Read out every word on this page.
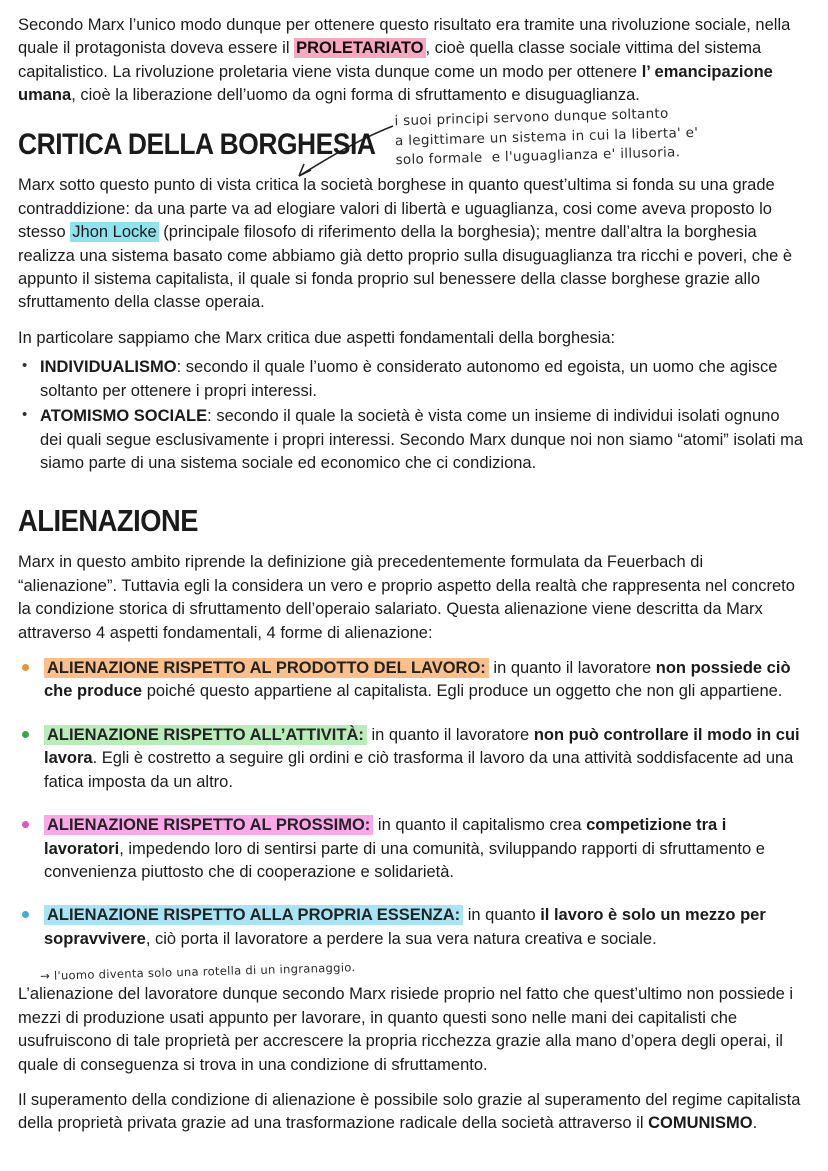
Secondo Marx l’unico modo dunque per ottenere questo risultato era tramite una rivoluzione sociale, nella quale il protagonista doveva essere il PROLETARIATO , cioè quella classe sociale vittima del sistema capitalistico. La rivoluzione proletaria viene vista dunque come un modo per ottenere l’ emancipazione umana, cioè la liberazione dell’uomo da ogni forma di sfruttamento e disuguaglianza.

i suoi principi servono dunque soltanto
a legittimare un sistema in cui la liberta' e'
solo formale  e l'uguaglianza e' illusoria.
CRITICA DELLA BORGHESIA

Marx sotto questo punto di vista critica la società borghese in quanto quest’ultima si fonda su una grade contraddizione: da una parte va ad elogiare valori di libertà e uguaglianza, cosi come aveva proposto lo stesso Jhon Locke (principale filosofo di riferimento della la borghesia); mentre dall’altra la borghesia realizza una sistema basato come abbiamo già detto proprio sulla disuguaglianza tra ricchi e poveri, che è appunto il sistema capitalista, il quale si fonda proprio sul benessere della classe borghese grazie allo sfruttamento della classe operaia.

In particolare sappiamo che Marx critica due aspetti fondamentali della borghesia:

• INDIVIDUALISMO: secondo il quale l’uomo è considerato autonomo ed egoista, un uomo che agisce soltanto per ottenere i propri interessi.
• ATOMISMO SOCIALE: secondo il quale la società è vista come un insieme di individui isolati ognuno dei quali segue esclusivamente i propri interessi. Secondo Marx dunque noi non siamo “atomi” isolati ma siamo parte di una sistema sociale ed economico che ci condiziona.
ALIENAZIONE

Marx in questo ambito riprende la definizione già precedentemente formulata da Feuerbach di “alienazione”. Tuttavia egli la considera un vero e proprio aspetto della realtà che rappresenta nel concreto la condizione storica di sfruttamento dell’operaio salariato. Questa alienazione viene descritta da Marx attraverso 4 aspetti fondamentali, 4 forme di alienazione:

ALIENAZIONE RISPETTO AL PRODOTTO DEL LAVORO: in quanto il lavoratore non possiede ciò che produce poiché questo appartiene al capitalista. Egli produce un oggetto che non gli appartiene.
ALIENAZIONE RISPETTO ALL’ATTIVITÀ: in quanto il lavoratore non può controllare il modo in cui lavora. Egli è costretto a seguire gli ordini e ciò trasforma il lavoro da una attività soddisfacente ad una fatica imposta da un altro.
ALIENAZIONE RISPETTO AL PROSSIMO: in quanto il capitalismo crea competizione tra i lavoratori, impedendo loro di sentirsi parte di una comunità, sviluppando rapporti di sfruttamento e convenienza piuttosto che di cooperazione e solidarietà.
ALIENAZIONE RISPETTO ALLA PROPRIA ESSENZA: in quanto il lavoro è solo un mezzo per sopravvivere, ciò porta il lavoratore a perdere la sua vera natura creativa e sociale.
→ l'uomo diventa solo una rotella di un ingranaggio.

L’alienazione del lavoratore dunque secondo Marx risiede proprio nel fatto che quest’ultimo non possiede i mezzi di produzione usati appunto per lavorare, in quanto questi sono nelle mani dei capitalisti che usufruiscono di tale proprietà per accrescere la propria ricchezza grazie alla mano d’opera degli operai, il quale di conseguenza si trova in una condizione di sfruttamento.

Il superamento della condizione di alienazione è possibile solo grazie al superamento del regime capitalista della proprietà privata grazie ad una trasformazione radicale della società attraverso il COMUNISMO.
